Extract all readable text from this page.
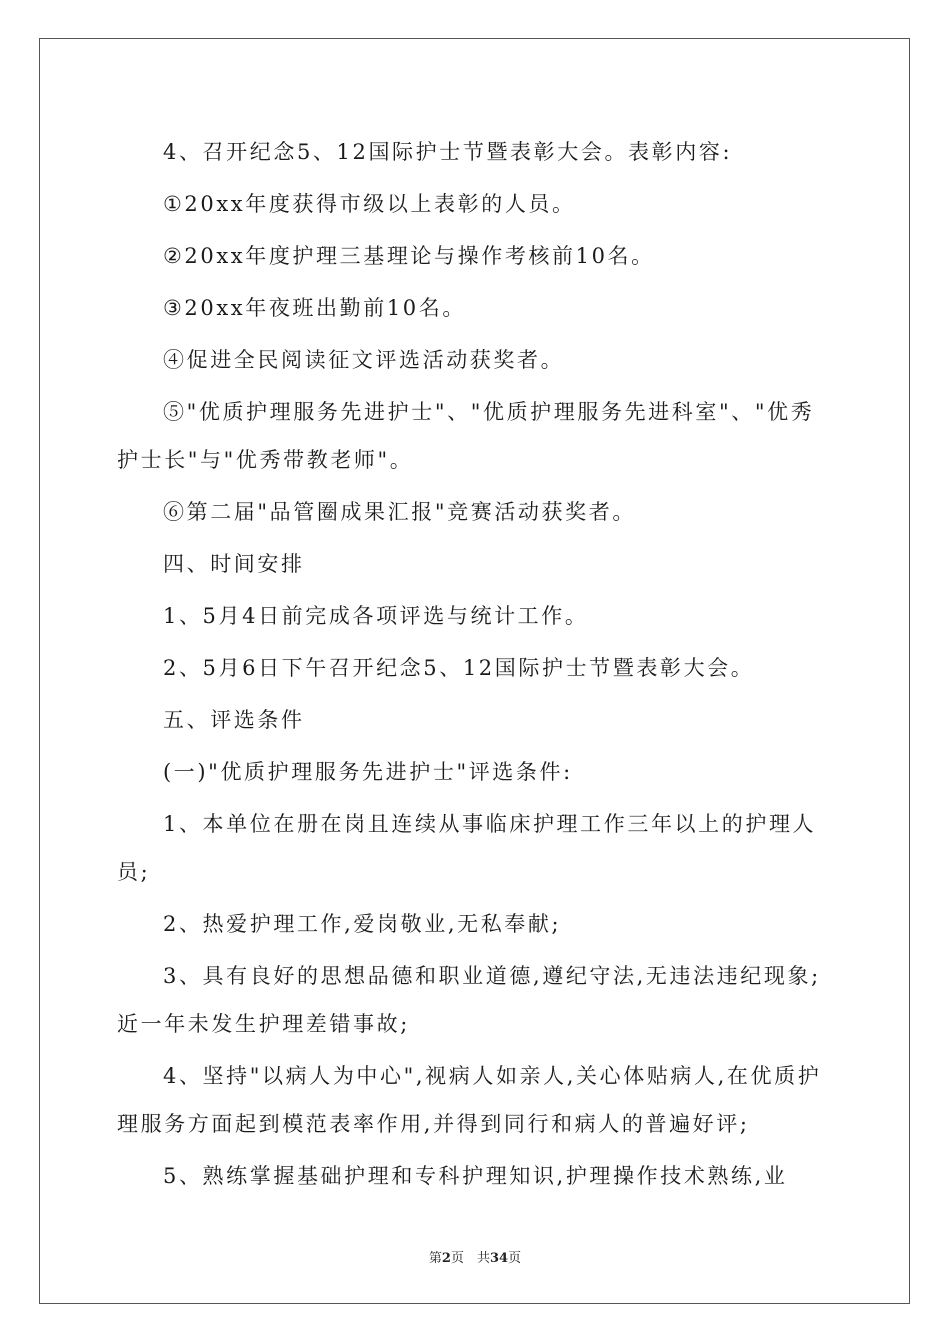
4、召开纪念5、12国际护士节暨表彰大会。表彰内容:

①20xx年度获得市级以上表彰的人员。

②20xx年度护理三基理论与操作考核前10名。

③20xx年夜班出勤前10名。

④促进全民阅读征文评选活动获奖者。

⑤"优质护理服务先进护士"、"优质护理服务先进科室"、"优秀护士长"与"优秀带教老师"。

⑥第二届"品管圈成果汇报"竞赛活动获奖者。

四、时间安排

1、5月4日前完成各项评选与统计工作。

2、5月6日下午召开纪念5、12国际护士节暨表彰大会。

五、评选条件

(一)"优质护理服务先进护士"评选条件:

1、本单位在册在岗且连续从事临床护理工作三年以上的护理人员;

2、热爱护理工作,爱岗敬业,无私奉献;

3、具有良好的思想品德和职业道德,遵纪守法,无违法违纪现象;近一年未发生护理差错事故;

4、坚持"以病人为中心",视病人如亲人,关心体贴病人,在优质护理服务方面起到模范表率作用,并得到同行和病人的普遍好评;

5、熟练掌握基础护理和专科护理知识,护理操作技术熟练,业

第2页　共34页
